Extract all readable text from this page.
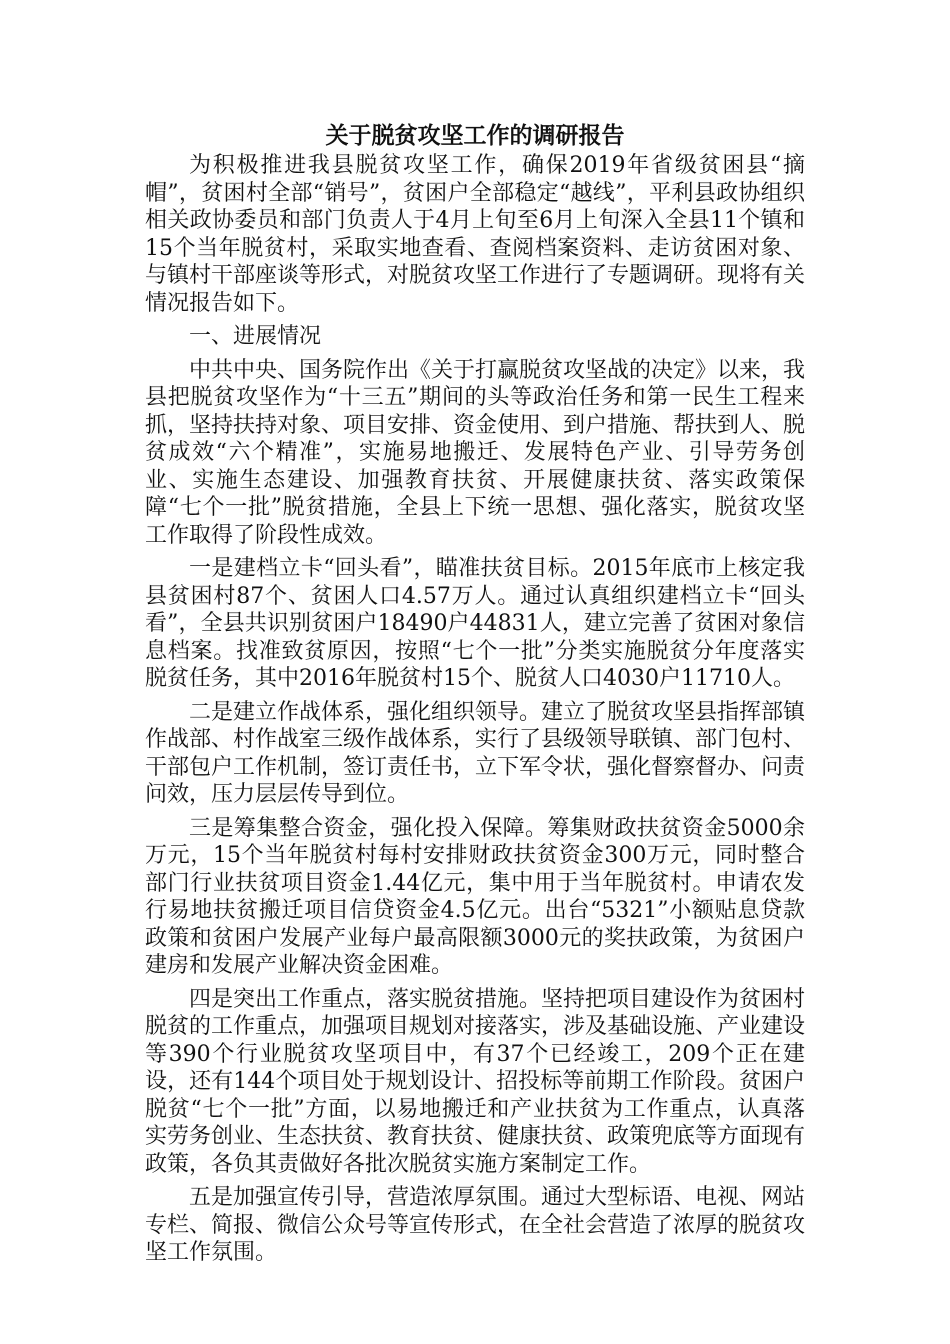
关于脱贫攻坚工作的调研报告

为积极推进我县脱贫攻坚工作，确保2019年省级贫困县“摘帽”，贫困村全部“销号”，贫困户全部稳定“越线”，平利县政协组织相关政协委员和部门负责人于4月上旬至6月上旬深入全县11个镇和15个当年脱贫村，采取实地查看、查阅档案资料、走访贫困对象、与镇村干部座谈等形式，对脱贫攻坚工作进行了专题调研。现将有关情况报告如下。

一、进展情况

中共中央、国务院作出《关于打赢脱贫攻坚战的决定》以来，我县把脱贫攻坚作为“十三五”期间的头等政治任务和第一民生工程来抓，坚持扶持对象、项目安排、资金使用、到户措施、帮扶到人、脱贫成效“六个精准”，实施易地搬迁、发展特色产业、引导劳务创业、实施生态建设、加强教育扶贫、开展健康扶贫、落实政策保障“七个一批”脱贫措施，全县上下统一思想、强化落实，脱贫攻坚工作取得了阶段性成效。

一是建档立卡“回头看”，瞄准扶贫目标。2015年底市上核定我县贫困村87个、贫困人口4.57万人。通过认真组织建档立卡“回头看”，全县共识别贫困户18490户44831人，建立完善了贫困对象信息档案。找准致贫原因，按照“七个一批”分类实施脱贫分年度落实脱贫任务，其中2016年脱贫村15个、脱贫人口4030户11710人。

二是建立作战体系，强化组织领导。建立了脱贫攻坚县指挥部镇作战部、村作战室三级作战体系，实行了县级领导联镇、部门包村、干部包户工作机制，签订责任书，立下军令状，强化督察督办、问责问效，压力层层传导到位。

三是筹集整合资金，强化投入保障。筹集财政扶贫资金5000余万元，15个当年脱贫村每村安排财政扶贫资金300万元，同时整合部门行业扶贫项目资金1.44亿元，集中用于当年脱贫村。申请农发行易地扶贫搬迁项目信贷资金4.5亿元。出台“5321”小额贴息贷款政策和贫困户发展产业每户最高限额3000元的奖扶政策，为贫困户建房和发展产业解决资金困难。

四是突出工作重点，落实脱贫措施。坚持把项目建设作为贫困村脱贫的工作重点，加强项目规划对接落实，涉及基础设施、产业建设等390个行业脱贫攻坚项目中，有37个已经竣工，209个正在建设，还有144个项目处于规划设计、招投标等前期工作阶段。贫困户脱贫“七个一批”方面，以易地搬迁和产业扶贫为工作重点，认真落实劳务创业、生态扶贫、教育扶贫、健康扶贫、政策兜底等方面现有政策，各负其责做好各批次脱贫实施方案制定工作。

五是加强宣传引导，营造浓厚氛围。通过大型标语、电视、网站专栏、简报、微信公众号等宣传形式，在全社会营造了浓厚的脱贫攻坚工作氛围。
